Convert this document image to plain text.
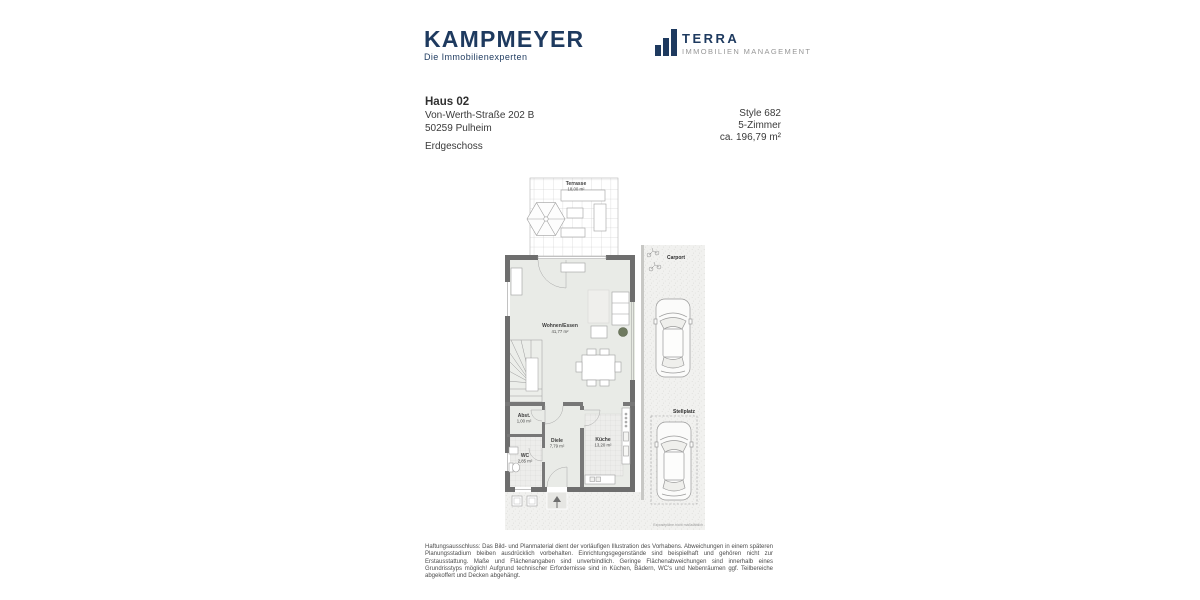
KAMPMEYER
Die Immobilienexperten
TERRA
IMMOBILIEN MANAGEMENT
Haus 02
Von-Werth-Straße 202 B
50259 Pulheim
Erdgeschoss
Style 682
5-Zimmer
ca. 196,79 m²
Terrasse
18,00 m²
Carport
Stellplatz
Wohnen/Essen
41,77 m²
Abst.
1,00 m²
Diele
7,79 m²
WC
2,85 m²
Küche
13,20 m²
Exposépläne nicht maßstäblich
Haftungsausschluss: Das Bild- und Planmaterial dient der vorläufigen Illustration des Vorhabens. Abweichungen in einem späteren Planungsstadium bleiben ausdrücklich vorbehalten. Einrichtungsgegenstände sind beispielhaft und gehören nicht zur Erstausstattung. Maße und Flächenangaben sind unverbindlich. Geringe Flächenabweichungen sind innerhalb eines Grundrisstyps möglich! Aufgrund technischer Erfordernisse sind in Küchen, Bädern, WC's und Nebenräumen ggf. Teilbereiche abgekoffert und Decken abgehängt.
